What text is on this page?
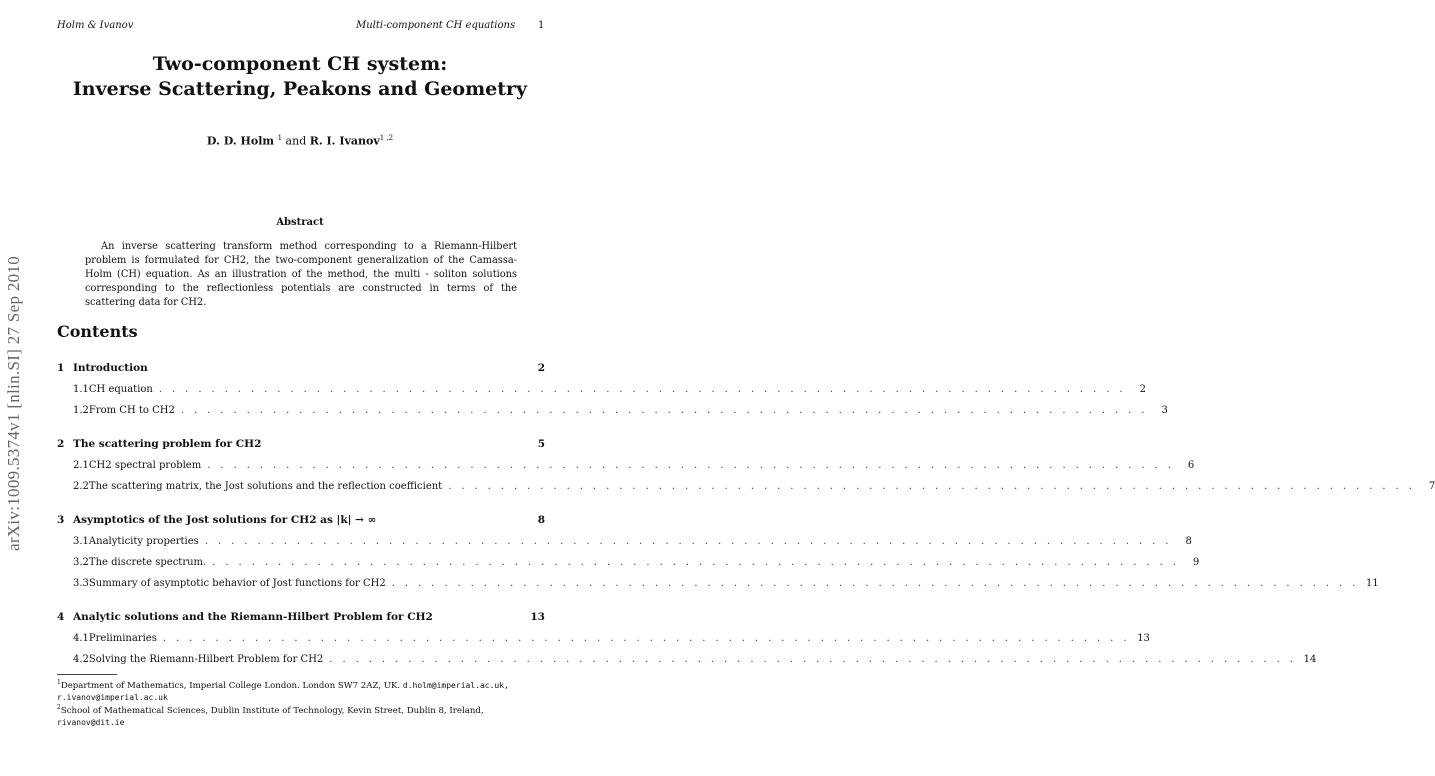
Holm & Ivanov	Multi-component CH equations 1
arXiv:1009.5374v1 [nlin.SI] 27 Sep 2010
Two-component CH system:
Inverse Scattering, Peakons and Geometry
D. D. Holm $^1$ and R. I. Ivanov$^{1 ,2}$
Abstract
An inverse scattering transform method corresponding to a Riemann-Hilbert problem is formulated for CH2, the two-component generalization of the Camassa-Holm (CH) equation. As an illustration of the method, the multi - soliton solutions corresponding to the reflectionless potentials are constructed in terms of the scattering data for CH2.
Contents
1 Introduction	2
1.1 CH equation . . . . . . . . . . . . . . . . . . . . . . . . . . . . . . . . . . . . . . . . . . . . . . . . . . . . . . . . . . . . . . . . . . . . . . . . . .	2
1.2 From CH to CH2 . . . . . . . . . . . . . . . . . . . . . . . . . . . . . . . . . . . . . . . . . . . . . . . . . . . . . . . . . . . . . . . . . . . . . . . . . .	3
2 The scattering problem for CH2	5
2.1 CH2 spectral problem . . . . . . . . . . . . . . . . . . . . . . . . . . . . . . . . . . . . . . . . . . . . . . . . . . . . . . . . . . . . . . . . . . . . . . . . . .	6
2.2 The scattering matrix, the Jost solutions and the reflection coefficient . . . . . . . . . . . . . . . . . . . . . . . . . . . . . . . . . . . . . . . . . . . . . . . . . . . . . . . . . . . . . . . . . . . . . . . . . .	7
3 Asymptotics of the Jost solutions for CH2 as |k| → ∞	8
3.1 Analyticity properties . . . . . . . . . . . . . . . . . . . . . . . . . . . . . . . . . . . . . . . . . . . . . . . . . . . . . . . . . . . . . . . . . . . . . . . . . .	8
3.2 The discrete spectrum. . . . . . . . . . . . . . . . . . . . . . . . . . . . . . . . . . . . . . . . . . . . . . . . . . . . . . . . . . . . . . . . . . . . . . . . . . .	9
3.3 Summary of asymptotic behavior of Jost functions for CH2 . . . . . . . . . . . . . . . . . . . . . . . . . . . . . . . . . . . . . . . . . . . . . . . . . . . . . . . . . . . . . . . . . . . . . . . . . . 11
4 Analytic solutions and the Riemann-Hilbert Problem for CH2	13
4.1 Preliminaries . . . . . . . . . . . . . . . . . . . . . . . . . . . . . . . . . . . . . . . . . . . . . . . . . . . . . . . . . . . . . . . . . . . . . . . . . . 13
4.2 Solving the Riemann-Hilbert Problem for CH2 . . . . . . . . . . . . . . . . . . . . . . . . . . . . . . . . . . . . . . . . . . . . . . . . . . . . . . . . . . . . . . . . . . . . . . . . . . 14
$^1$Department of Mathematics, Imperial College London. London SW7 2AZ, UK. d.holm@imperial.ac.uk,
r.ivanov@imperial.ac.uk
$^2$School of Mathematical Sciences, Dublin Institute of Technology, Kevin Street, Dublin 8, Ireland,
rivanov@dit.ie
